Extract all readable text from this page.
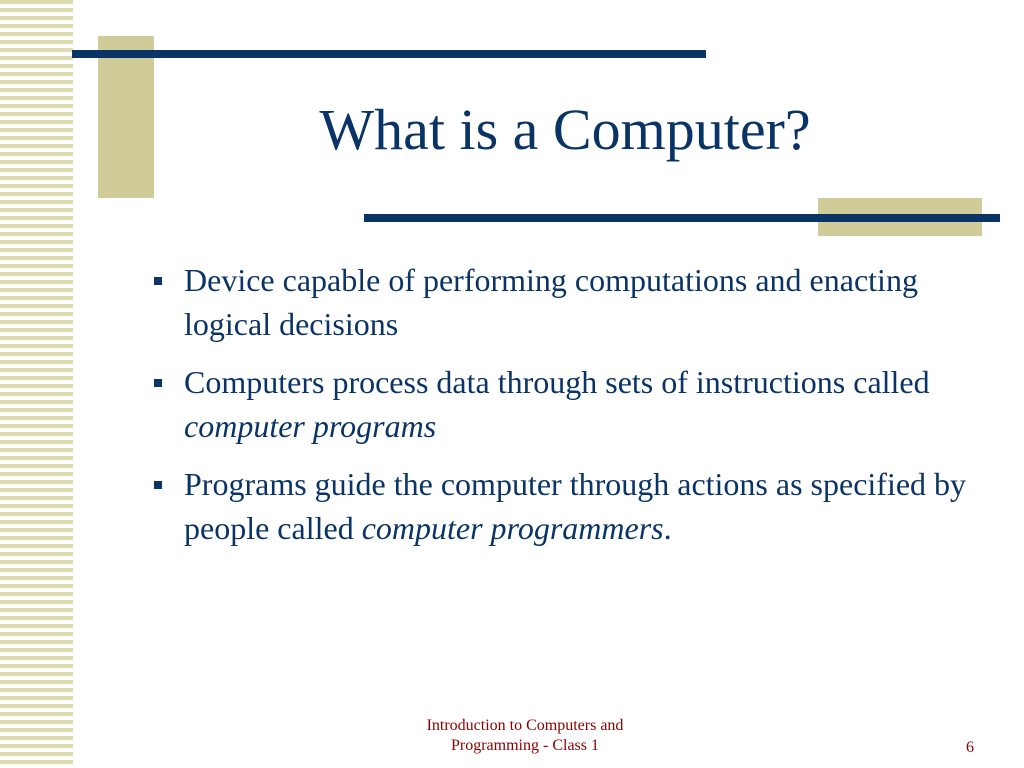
What is a Computer?
Device capable of performing computations and enacting logical decisions
Computers process data through sets of instructions called computer programs
Programs guide the computer through actions as specified by people called computer programmers.
Introduction to Computers and
Programming - Class 1	6
